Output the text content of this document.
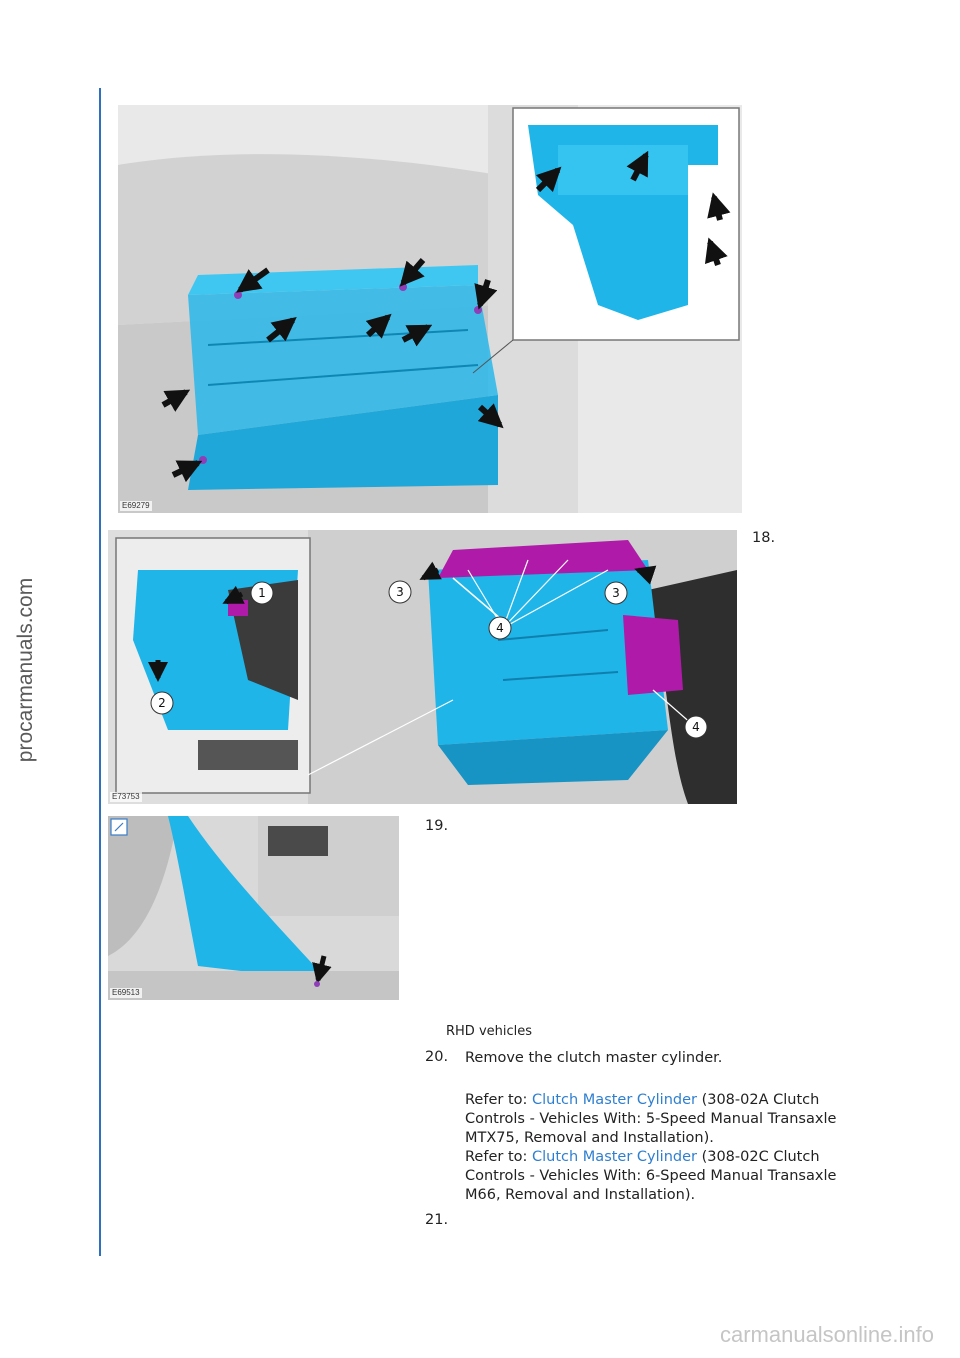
procarmanuals.com
E69279
18.
1
2
3	3
4
4
E73753
E69513
19.
RHD vehicles
20. Remove the clutch master cylinder.
Refer to: Clutch Master Cylinder (308-02A Clutch
Controls - Vehicles With: 5-Speed Manual Transaxle
MTX75, Removal and Installation).
Refer to: Clutch Master Cylinder (308-02C Clutch
Controls - Vehicles With: 6-Speed Manual Transaxle
M66, Removal and Installation).
21.
carmanualsonline.info
